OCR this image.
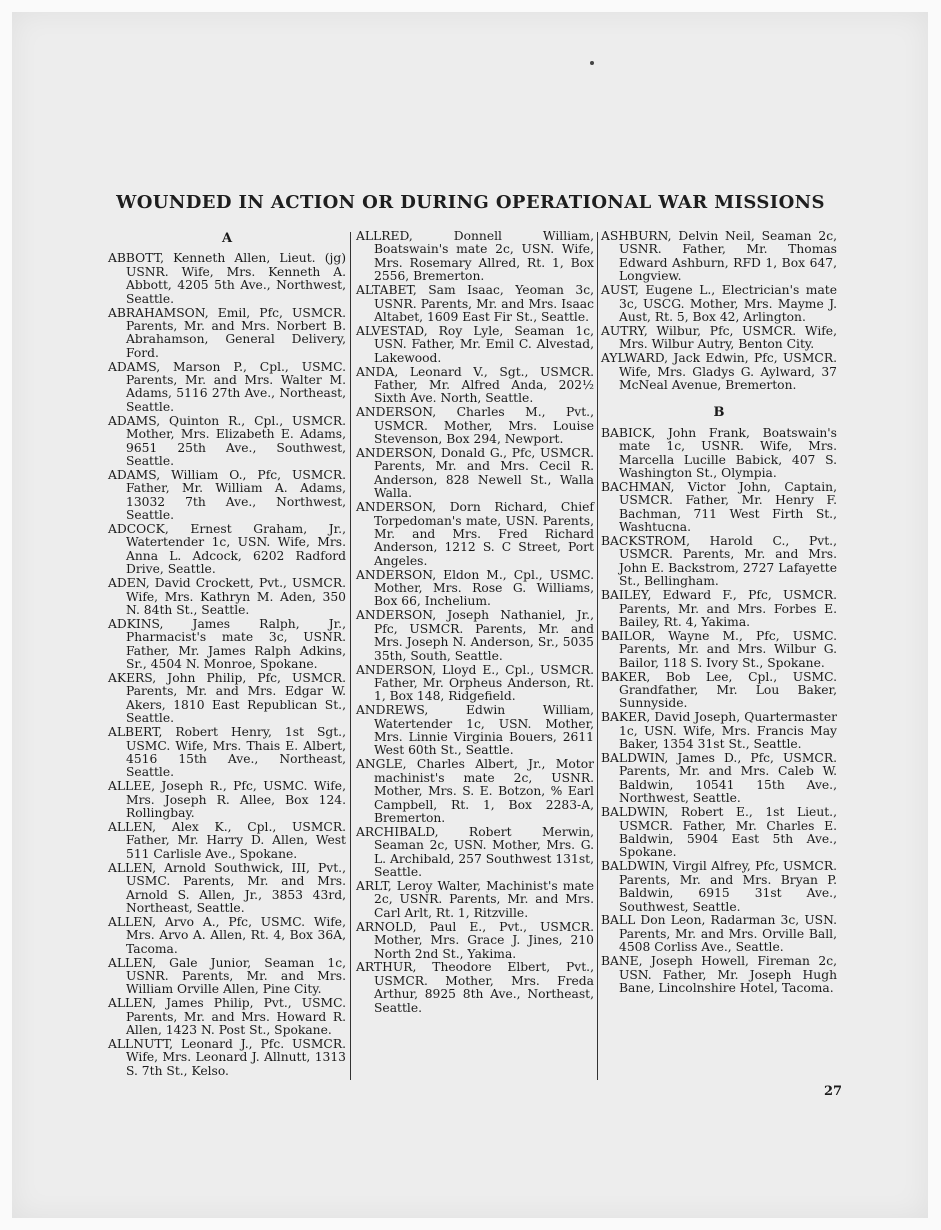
WOUNDED IN ACTION OR DURING OPERATIONAL WAR MISSIONS
A

ABBOTT, Kenneth Allen, Lieut. (jg) USNR. Wife, Mrs. Kenneth A. Abbott, 4205 5th Ave., Northwest, Seattle.

ABRAHAMSON, Emil, Pfc, USMCR. Parents, Mr. and Mrs. Norbert B. Abrahamson, General Delivery, Ford.

ADAMS, Marson P., Cpl., USMC. Parents, Mr. and Mrs. Walter M. Adams, 5116 27th Ave., Northeast, Seattle.

ADAMS, Quinton R., Cpl., USMCR. Mother, Mrs. Elizabeth E. Adams, 9651 25th Ave., Southwest, Seattle.

ADAMS, William O., Pfc, USMCR. Father, Mr. William A. Adams, 13032 7th Ave., Northwest, Seattle.

ADCOCK, Ernest Graham, Jr., Watertender 1c, USN. Wife, Mrs. Anna L. Adcock, 6202 Radford Drive, Seattle.

ADEN, David Crockett, Pvt., USMCR. Wife, Mrs. Kathryn M. Aden, 350 N. 84th St., Seattle.

ADKINS, James Ralph, Jr., Pharmacist's mate 3c, USNR. Father, Mr. James Ralph Adkins, Sr., 4504 N. Monroe, Spokane.

AKERS, John Philip, Pfc, USMCR. Parents, Mr. and Mrs. Edgar W. Akers, 1810 East Republican St., Seattle.

ALBERT, Robert Henry, 1st Sgt., USMC. Wife, Mrs. Thais E. Albert, 4516 15th Ave., Northeast, Seattle.

ALLEE, Joseph R., Pfc, USMC. Wife, Mrs. Joseph R. Allee, Box 124. Rollingbay.

ALLEN, Alex K., Cpl., USMCR. Father, Mr. Harry D. Allen, West 511 Carlisle Ave., Spokane.

ALLEN, Arnold Southwick, III, Pvt., USMC. Parents, Mr. and Mrs. Arnold S. Allen, Jr., 3853 43rd, Northeast, Seattle.

ALLEN, Arvo A., Pfc, USMC. Wife, Mrs. Arvo A. Allen, Rt. 4, Box 36A, Tacoma.

ALLEN, Gale Junior, Seaman 1c, USNR. Parents, Mr. and Mrs. William Orville Allen, Pine City.

ALLEN, James Philip, Pvt., USMC. Parents, Mr. and Mrs. Howard R. Allen, 1423 N. Post St., Spokane.

ALLNUTT, Leonard J., Pfc. USMCR. Wife, Mrs. Leonard J. Allnutt, 1313 S. 7th St., Kelso.

ALLRED, Donnell William, Boatswain's mate 2c, USN. Wife, Mrs. Rosemary Allred, Rt. 1, Box 2556, Bremerton.

ALTABET, Sam Isaac, Yeoman 3c, USNR. Parents, Mr. and Mrs. Isaac Altabet, 1609 East Fir St., Seattle.

ALVESTAD, Roy Lyle, Seaman 1c, USN. Father, Mr. Emil C. Alvestad, Lakewood.

ANDA, Leonard V., Sgt., USMCR. Father, Mr. Alfred Anda, 202½ Sixth Ave. North, Seattle.

ANDERSON, Charles M., Pvt., USMCR. Mother, Mrs. Louise Stevenson, Box 294, Newport.

ANDERSON, Donald G., Pfc, USMCR. Parents, Mr. and Mrs. Cecil R. Anderson, 828 Newell St., Walla Walla.

ANDERSON, Dorn Richard, Chief Torpedoman's mate, USN. Parents, Mr. and Mrs. Fred Richard Anderson, 1212 S. C Street, Port Angeles.

ANDERSON, Eldon M., Cpl., USMC. Mother, Mrs. Rose G. Williams, Box 66, Inchelium.

ANDERSON, Joseph Nathaniel, Jr., Pfc, USMCR. Parents, Mr. and Mrs. Joseph N. Anderson, Sr., 5035 35th, South, Seattle.

ANDERSON, Lloyd E., Cpl., USMCR. Father, Mr. Orpheus Anderson, Rt. 1, Box 148, Ridgefield.

ANDREWS, Edwin William, Watertender 1c, USN. Mother, Mrs. Linnie Virginia Bouers, 2611 West 60th St., Seattle.

ANGLE, Charles Albert, Jr., Motor machinist's mate 2c, USNR. Mother, Mrs. S. E. Botzon, % Earl Campbell, Rt. 1, Box 2283-A, Bremerton.

ARCHIBALD, Robert Merwin, Seaman 2c, USN. Mother, Mrs. G. L. Archibald, 257 Southwest 131st, Seattle.

ARLT, Leroy Walter, Machinist's mate 2c, USNR. Parents, Mr. and Mrs. Carl Arlt, Rt. 1, Ritzville.

ARNOLD, Paul E., Pvt., USMCR. Mother, Mrs. Grace J. Jines, 210 North 2nd St., Yakima.

ARTHUR, Theodore Elbert, Pvt., USMCR. Mother, Mrs. Freda Arthur, 8925 8th Ave., Northeast, Seattle.

ASHBURN, Delvin Neil, Seaman 2c, USNR. Father, Mr. Thomas Edward Ashburn, RFD 1, Box 647, Longview.

AUST, Eugene L., Electrician's mate 3c, USCG. Mother, Mrs. Mayme J. Aust, Rt. 5, Box 42, Arlington.

AUTRY, Wilbur, Pfc, USMCR. Wife, Mrs. Wilbur Autry, Benton City.

AYLWARD, Jack Edwin, Pfc, USMCR. Wife, Mrs. Gladys G. Aylward, 37 McNeal Avenue, Bremerton.

B

BABICK, John Frank, Boatswain's mate 1c, USNR. Wife, Mrs. Marcella Lucille Babick, 407 S. Washington St., Olympia.

BACHMAN, Victor John, Captain, USMCR. Father, Mr. Henry F. Bachman, 711 West Firth St., Washtucna.

BACKSTROM, Harold C., Pvt., USMCR. Parents, Mr. and Mrs. John E. Backstrom, 2727 Lafayette St., Bellingham.

BAILEY, Edward F., Pfc, USMCR. Parents, Mr. and Mrs. Forbes E. Bailey, Rt. 4, Yakima.

BAILOR, Wayne M., Pfc, USMC. Parents, Mr. and Mrs. Wilbur G. Bailor, 118 S. Ivory St., Spokane.

BAKER, Bob Lee, Cpl., USMC. Grandfather, Mr. Lou Baker, Sunnyside.

BAKER, David Joseph, Quartermaster 1c, USN. Wife, Mrs. Francis May Baker, 1354 31st St., Seattle.

BALDWIN, James D., Pfc, USMCR. Parents, Mr. and Mrs. Caleb W. Baldwin, 10541 15th Ave., Northwest, Seattle.

BALDWIN, Robert E., 1st Lieut., USMCR. Father, Mr. Charles E. Baldwin, 5904 East 5th Ave., Spokane.

BALDWIN, Virgil Alfrey, Pfc, USMCR. Parents, Mr. and Mrs. Bryan P. Baldwin, 6915 31st Ave., Southwest, Seattle.

BALL Don Leon, Radarman 3c, USN. Parents, Mr. and Mrs. Orville Ball, 4508 Corliss Ave., Seattle.

BANE, Joseph Howell, Fireman 2c, USN. Father, Mr. Joseph Hugh Bane, Lincolnshire Hotel, Tacoma.

27
